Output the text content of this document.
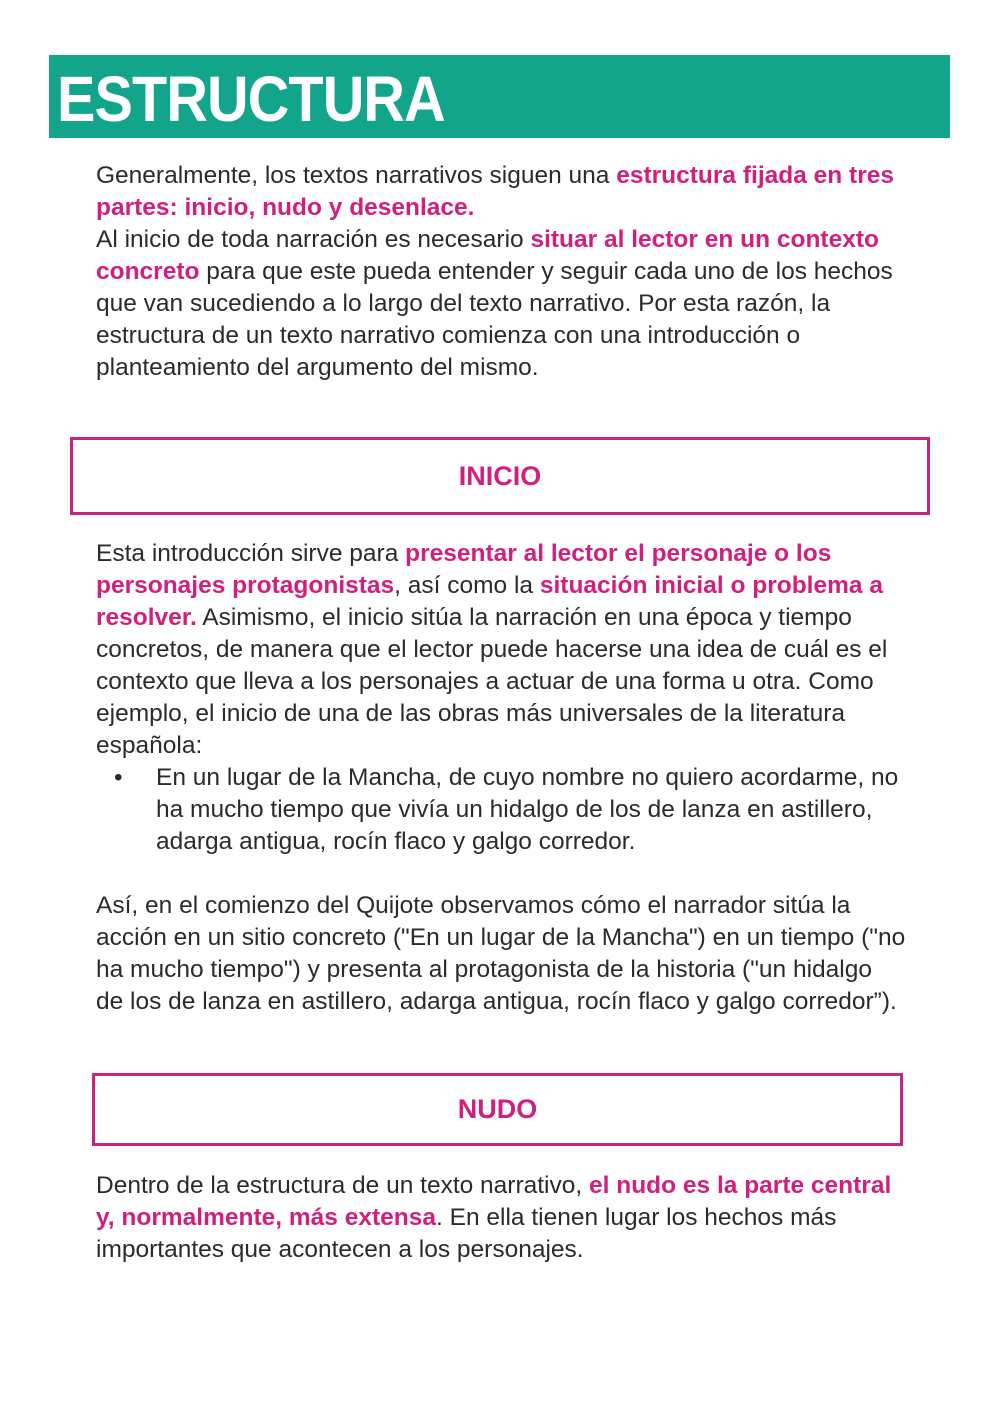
ESTRUCTURA

Generalmente, los textos narrativos siguen una estructura fijada en tres partes: inicio, nudo y desenlace.

Al inicio de toda narración es necesario situar al lector en un contexto concreto para que este pueda entender y seguir cada uno de los hechos que van sucediendo a lo largo del texto narrativo. Por esta razón, la estructura de un texto narrativo comienza con una introducción o planteamiento del argumento del mismo.

INICIO

Esta introducción sirve para presentar al lector el personaje o los personajes protagonistas, así como la situación inicial o problema a resolver. Asimismo, el inicio sitúa la narración en una época y tiempo concretos, de manera que el lector puede hacerse una idea de cuál es el contexto que lleva a los personajes a actuar de una forma u otra. Como ejemplo, el inicio de una de las obras más universales de la literatura española:

• En un lugar de la Mancha, de cuyo nombre no quiero acordarme, no ha mucho tiempo que vivía un hidalgo de los de lanza en astillero, adarga antigua, rocín flaco y galgo corredor.

Así, en el comienzo del Quijote observamos cómo el narrador sitúa la acción en un sitio concreto ("En un lugar de la Mancha") en un tiempo ("no ha mucho tiempo") y presenta al protagonista de la historia ("un hidalgo de los de lanza en astillero, adarga antigua, rocín flaco y galgo corredor”).

NUDO

Dentro de la estructura de un texto narrativo, el nudo es la parte central y, normalmente, más extensa. En ella tienen lugar los hechos más importantes que acontecen a los personajes.
